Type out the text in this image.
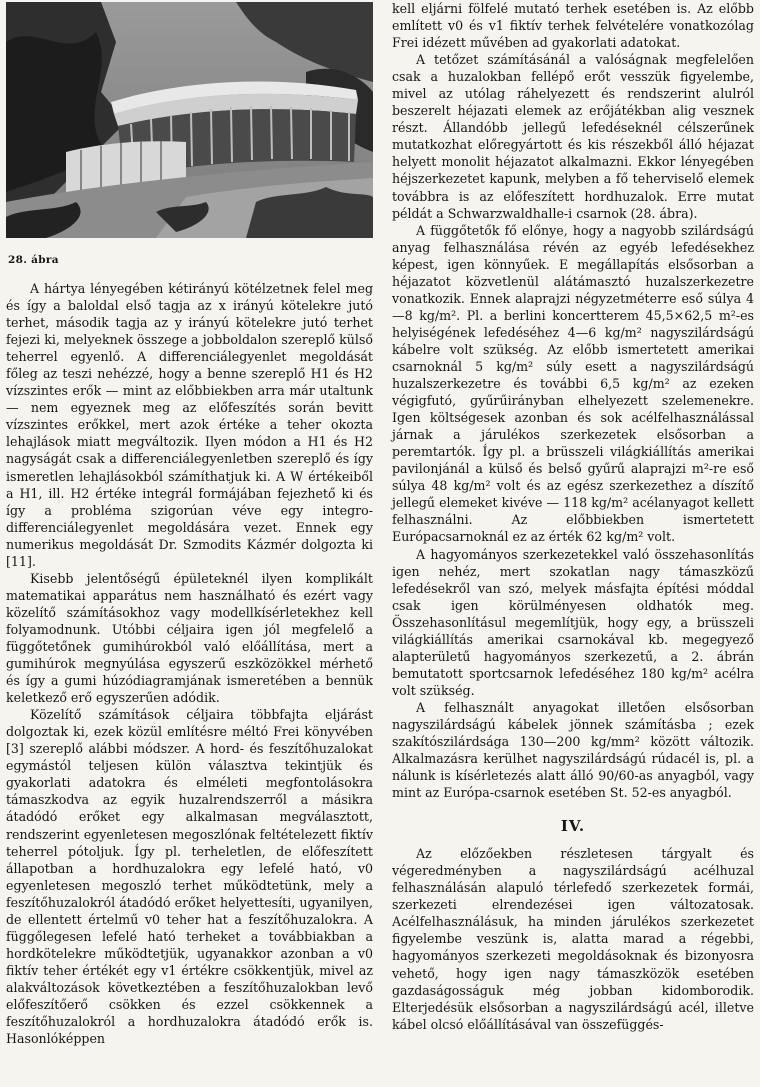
28. ábra

A hártya lényegében kétirányú kötélzetnek felel meg és így a baloldal első tagja az x irányú kötelekre jutó terhet, második tagja az y irányú kötelekre jutó terhet fejezi ki, melyeknek összege a jobboldalon szereplő külső teherrel egyenlő. A differenciálegyenlet megoldását főleg az teszi nehézzé, hogy a benne szereplő H1 és H2 vízszintes erők — mint az előbbiekben arra már utaltunk — nem egyeznek meg az előfeszítés során bevitt vízszintes erőkkel, mert azok értéke a teher okozta lehajlások miatt megváltozik. Ilyen módon a H1 és H2 nagyságát csak a differenciálegyenletben szereplő és így ismeretlen lehajlásokból számíthatjuk ki. A W értékeiből a H1, ill. H2 értéke integrál formájában fejezhető ki és így a probléma szigorúan véve egy integro-differenciálegyenlet megoldására vezet. Ennek egy numerikus megoldását Dr. Szmodits Kázmér dolgozta ki [11].

Kisebb jelentőségű épületeknél ilyen komplikált matematikai apparátus nem használható és ezért vagy közelítő számításokhoz vagy modellkísérletekhez kell folyamodnunk. Utóbbi céljaira igen jól megfelelő a függőtetőnek gumihúrokból való előállítása, mert a gumihúrok megnyúlása egyszerű eszközökkel mérhető és így a gumi húzódiagramjának ismeretében a bennük keletkező erő egyszerűen adódik.

Közelítő számítások céljaira többfajta eljárást dolgoztak ki, ezek közül említésre méltó Frei könyvében [3] szereplő alábbi módszer. A hord- és feszítőhuzalokat egymástól teljesen külön választva tekintjük és gyakorlati adatokra és elméleti megfontolásokra támaszkodva az egyik huzalrendszerről a másikra átadódó erőket egy alkalmasan megválasztott, rendszerint egyenletesen megoszlónak feltételezett fiktív teherrel pótoljuk. Így pl. terheletlen, de előfeszített állapotban a hordhuzalokra egy lefelé ható, v0 egyenletesen megoszló terhet működtetünk, mely a feszítőhuzalokról átadódó erőket helyettesíti, ugyanilyen, de ellentett értelmű v0 teher hat a feszítőhuzalokra. A függőlegesen lefelé ható terheket a továbbiakban a hordkötelekre működtetjük, ugyanakkor azonban a v0 fiktív teher értékét egy v1 értékre csökkentjük, mivel az alakváltozások következtében a feszítőhuzalokban levő előfeszítőerő csökken és ezzel csökkennek a feszítőhuzalokról a hordhuzalokra átadódó erők is. Hasonlóképpen

kell eljárni fölfelé mutató terhek esetében is. Az előbb említett v0 és v1 fiktív terhek felvételére vonatkozólag Frei idézett művében ad gyakorlati adatokat.

A tetőzet számításánál a valóságnak megfelelően csak a huzalokban fellépő erőt vesszük figyelembe, mivel az utólag ráhelyezett és rendszerint alulról beszerelt héjazati elemek az erőjátékban alig vesznek részt. Állandóbb jellegű lefedéseknél célszerűnek mutatkozhat előregyártott és kis részekből álló héjazat helyett monolit héjazatot alkalmazni. Ekkor lényegében héjszerkezetet kapunk, melyben a fő teherviselő elemek továbbra is az előfeszített hordhuzalok. Erre mutat példát a Schwarzwaldhalle-i csarnok (28. ábra).

A függőtetők fő előnye, hogy a nagyobb szilárdságú anyag felhasználása révén az egyéb lefedésekhez képest, igen könnyűek. E megállapítás elsősorban a héjazatot közvetlenül alátámasztó huzalszerkezetre vonatkozik. Ennek alaprajzi négyzetméterre eső súlya 4—8 kg/m². Pl. a berlini koncertterem 45,5×62,5 m²-es helyiségének lefedéséhez 4—6 kg/m² nagyszilárdságú kábelre volt szükség. Az előbb ismertetett amerikai csarnoknál 5 kg/m² súly esett a nagyszilárdságú huzalszerkezetre és további 6,5 kg/m² az ezeken végigfutó, gyűrűirányban elhelyezett szelemenekre. Igen költségesek azonban és sok acélfelhasználással járnak a járulékos szerkezetek elsősorban a peremtartók. Így pl. a brüsszeli világkiállítás amerikai pavilonjánál a külső és belső gyűrű alaprajzi m²-re eső súlya 48 kg/m² volt és az egész szerkezethez a díszítő jellegű elemeket kivéve — 118 kg/m² acélanyagot kellett felhasználni. Az előbbiekben ismertetett Európacsarnoknál ez az érték 62 kg/m² volt.

A hagyományos szerkezetekkel való összehasonlítás igen nehéz, mert szokatlan nagy támaszközű lefedésekről van szó, melyek másfajta építési móddal csak igen körülményesen oldhatók meg. Összehasonlításul megemlítjük, hogy egy, a brüsszeli világkiállítás amerikai csarnokával kb. megegyező alapterületű hagyományos szerkezetű, a 2. ábrán bemutatott sportcsarnok lefedéséhez 180 kg/m² acélra volt szükség.

A felhasznált anyagokat illetően elsősorban nagyszilárdságú kábelek jönnek számításba ; ezek szakítószilárdsága 130—200 kg/mm² között változik. Alkalmazásra kerülhet nagyszilárdságú rúdacél is, pl. a nálunk is kísérletezés alatt álló 90/60-as anyagból, vagy mint az Európa-csarnok esetében St. 52-es anyagból.

IV.

Az előzőekben részletesen tárgyalt és végeredményben a nagyszilárdságú acélhuzal felhasználásán alapuló térlefedő szerkezetek formái, szerkezeti elrendezései igen változatosak. Acélfelhasználásuk, ha minden járulékos szerkezetet figyelembe veszünk is, alatta marad a régebbi, hagyományos szerkezeti megoldásoknak és bizonyosra vehető, hogy igen nagy támaszközök esetében gazdaságosságuk még jobban kidomborodik. Elterjedésük elsősorban a nagyszilárdságú acél, illetve kábel olcsó előállításával van összefüggés-
